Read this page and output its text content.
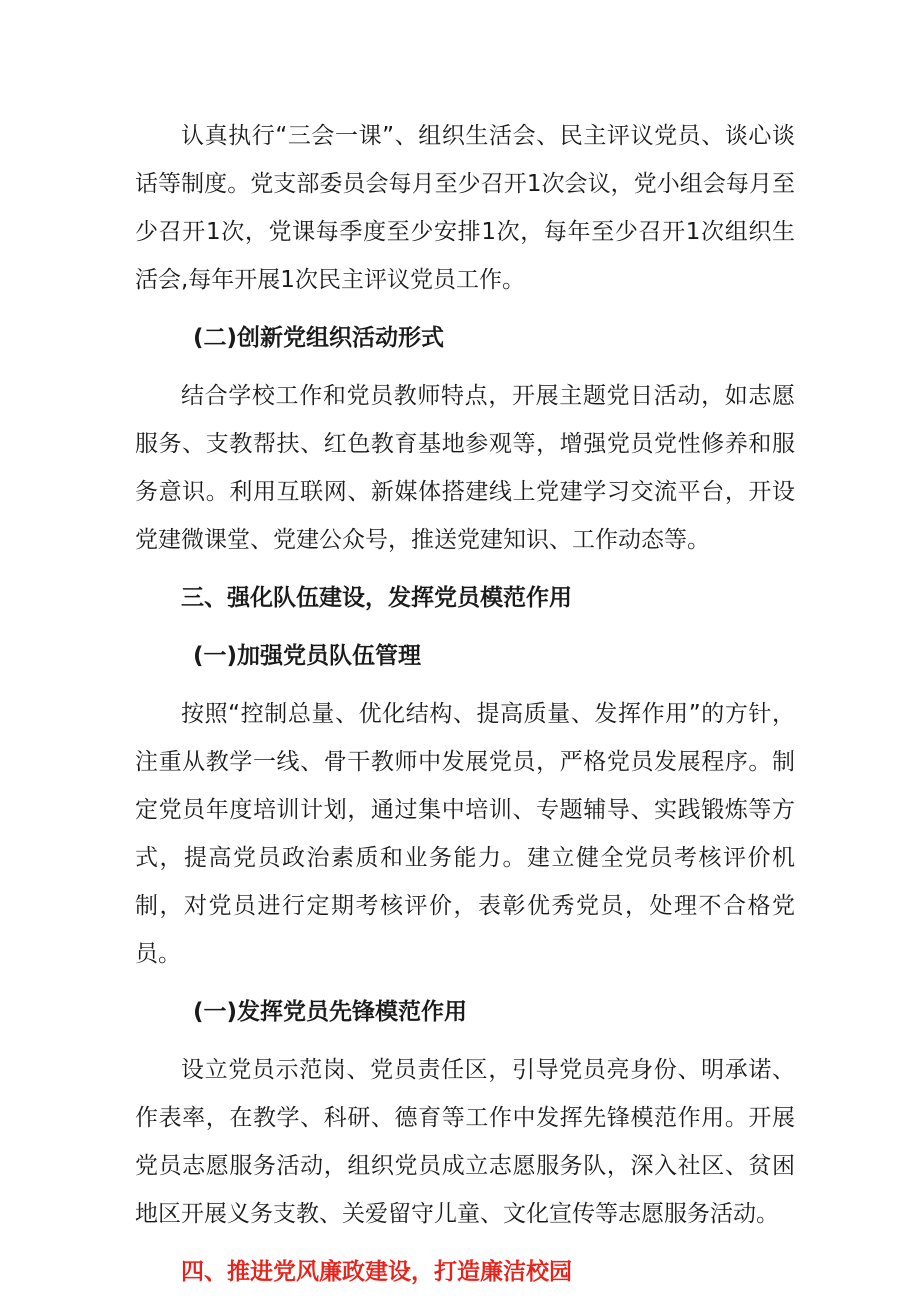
认真执行“三会一课”、组织生活会、民主评议党员、谈心谈话等制度。党支部委员会每月至少召开1次会议，党小组会每月至少召开1次，党课每季度至少安排1次，每年至少召开1次组织生活会,每年开展1次民主评议党员工作。

(二)创新党组织活动形式

结合学校工作和党员教师特点，开展主题党日活动，如志愿服务、支教帮扶、红色教育基地参观等，增强党员党性修养和服务意识。利用互联网、新媒体搭建线上党建学习交流平台，开设党建微课堂、党建公众号，推送党建知识、工作动态等。

三、强化队伍建设，发挥党员模范作用

(一)加强党员队伍管理

按照“控制总量、优化结构、提高质量、发挥作用”的方针，注重从教学一线、骨干教师中发展党员，严格党员发展程序。制定党员年度培训计划，通过集中培训、专题辅导、实践锻炼等方式，提高党员政治素质和业务能力。建立健全党员考核评价机制，对党员进行定期考核评价，表彰优秀党员，处理不合格党员。

(一)发挥党员先锋模范作用

设立党员示范岗、党员责任区，引导党员亮身份、明承诺、作表率，在教学、科研、德育等工作中发挥先锋模范作用。开展党员志愿服务活动，组织党员成立志愿服务队，深入社区、贫困地区开展义务支教、关爱留守儿童、文化宣传等志愿服务活动。

四、推进党风廉政建设，打造廉洁校园
